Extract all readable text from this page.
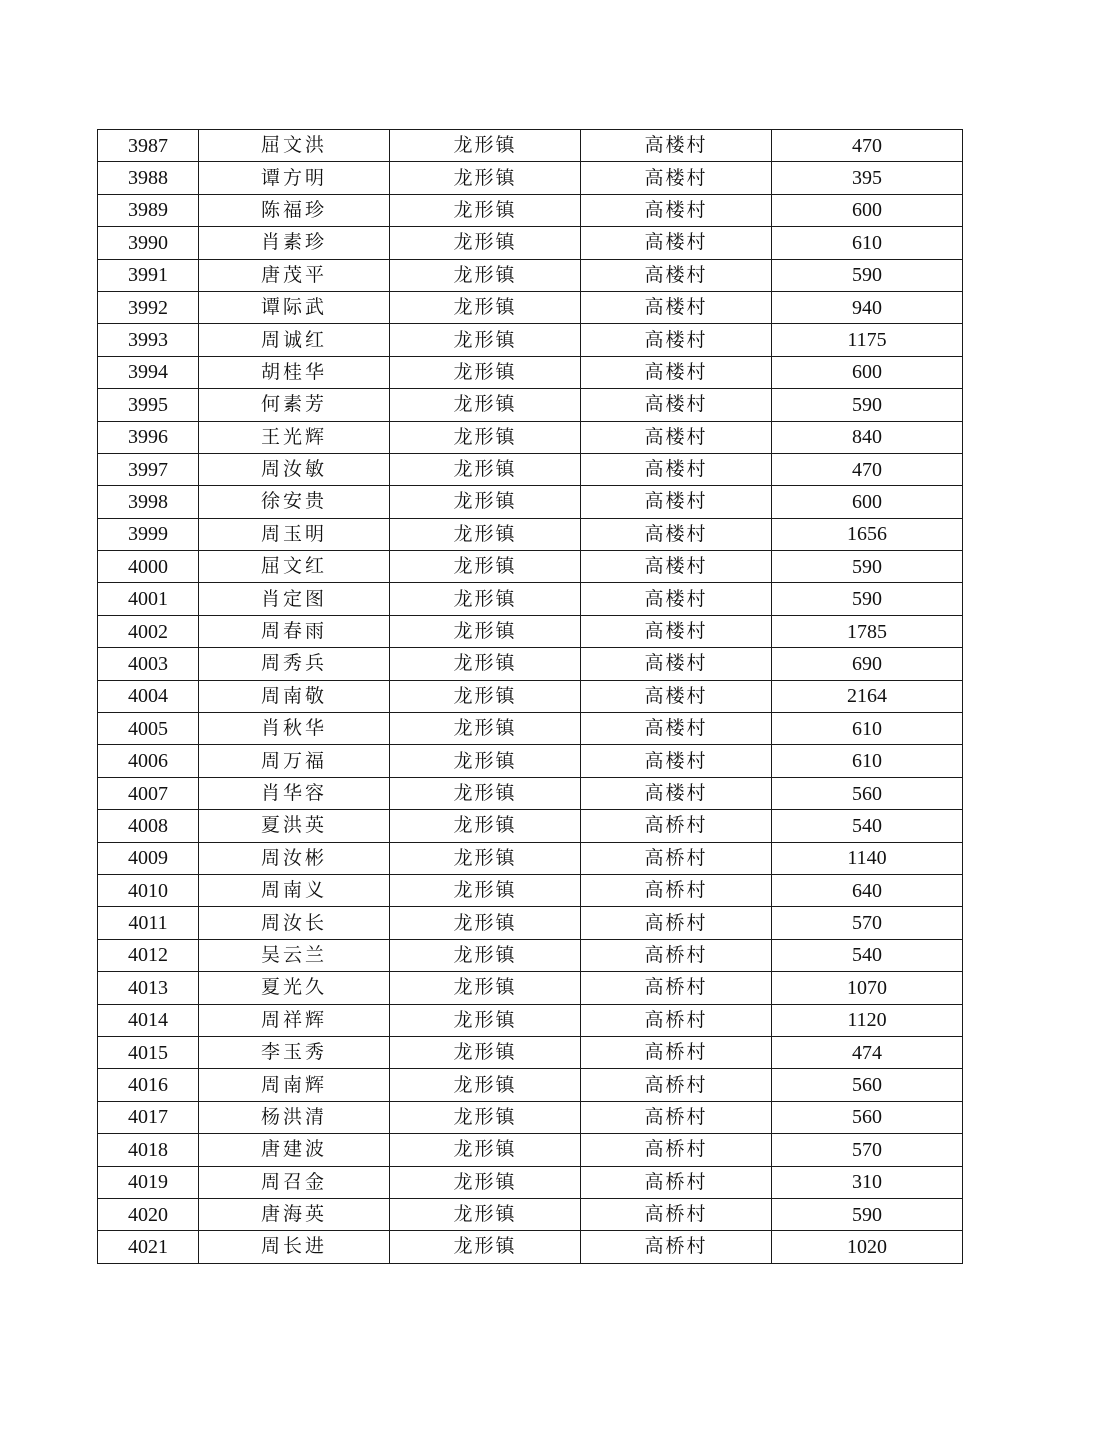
3987	屈文洪	龙形镇	高楼村	470
3988	谭方明	龙形镇	高楼村	395
3989	陈福珍	龙形镇	高楼村	600
3990	肖素珍	龙形镇	高楼村	610
3991	唐茂平	龙形镇	高楼村	590
3992	谭际武	龙形镇	高楼村	940
3993	周诚红	龙形镇	高楼村	1175
3994	胡桂华	龙形镇	高楼村	600
3995	何素芳	龙形镇	高楼村	590
3996	王光辉	龙形镇	高楼村	840
3997	周汝敏	龙形镇	高楼村	470
3998	徐安贵	龙形镇	高楼村	600
3999	周玉明	龙形镇	高楼村	1656
4000	屈文红	龙形镇	高楼村	590
4001	肖定图	龙形镇	高楼村	590
4002	周春雨	龙形镇	高楼村	1785
4003	周秀兵	龙形镇	高楼村	690
4004	周南敬	龙形镇	高楼村	2164
4005	肖秋华	龙形镇	高楼村	610
4006	周万福	龙形镇	高楼村	610
4007	肖华容	龙形镇	高楼村	560
4008	夏洪英	龙形镇	高桥村	540
4009	周汝彬	龙形镇	高桥村	1140
4010	周南义	龙形镇	高桥村	640
4011	周汝长	龙形镇	高桥村	570
4012	吴云兰	龙形镇	高桥村	540
4013	夏光久	龙形镇	高桥村	1070
4014	周祥辉	龙形镇	高桥村	1120
4015	李玉秀	龙形镇	高桥村	474
4016	周南辉	龙形镇	高桥村	560
4017	杨洪清	龙形镇	高桥村	560
4018	唐建波	龙形镇	高桥村	570
4019	周召金	龙形镇	高桥村	310
4020	唐海英	龙形镇	高桥村	590
4021	周长进	龙形镇	高桥村	1020
